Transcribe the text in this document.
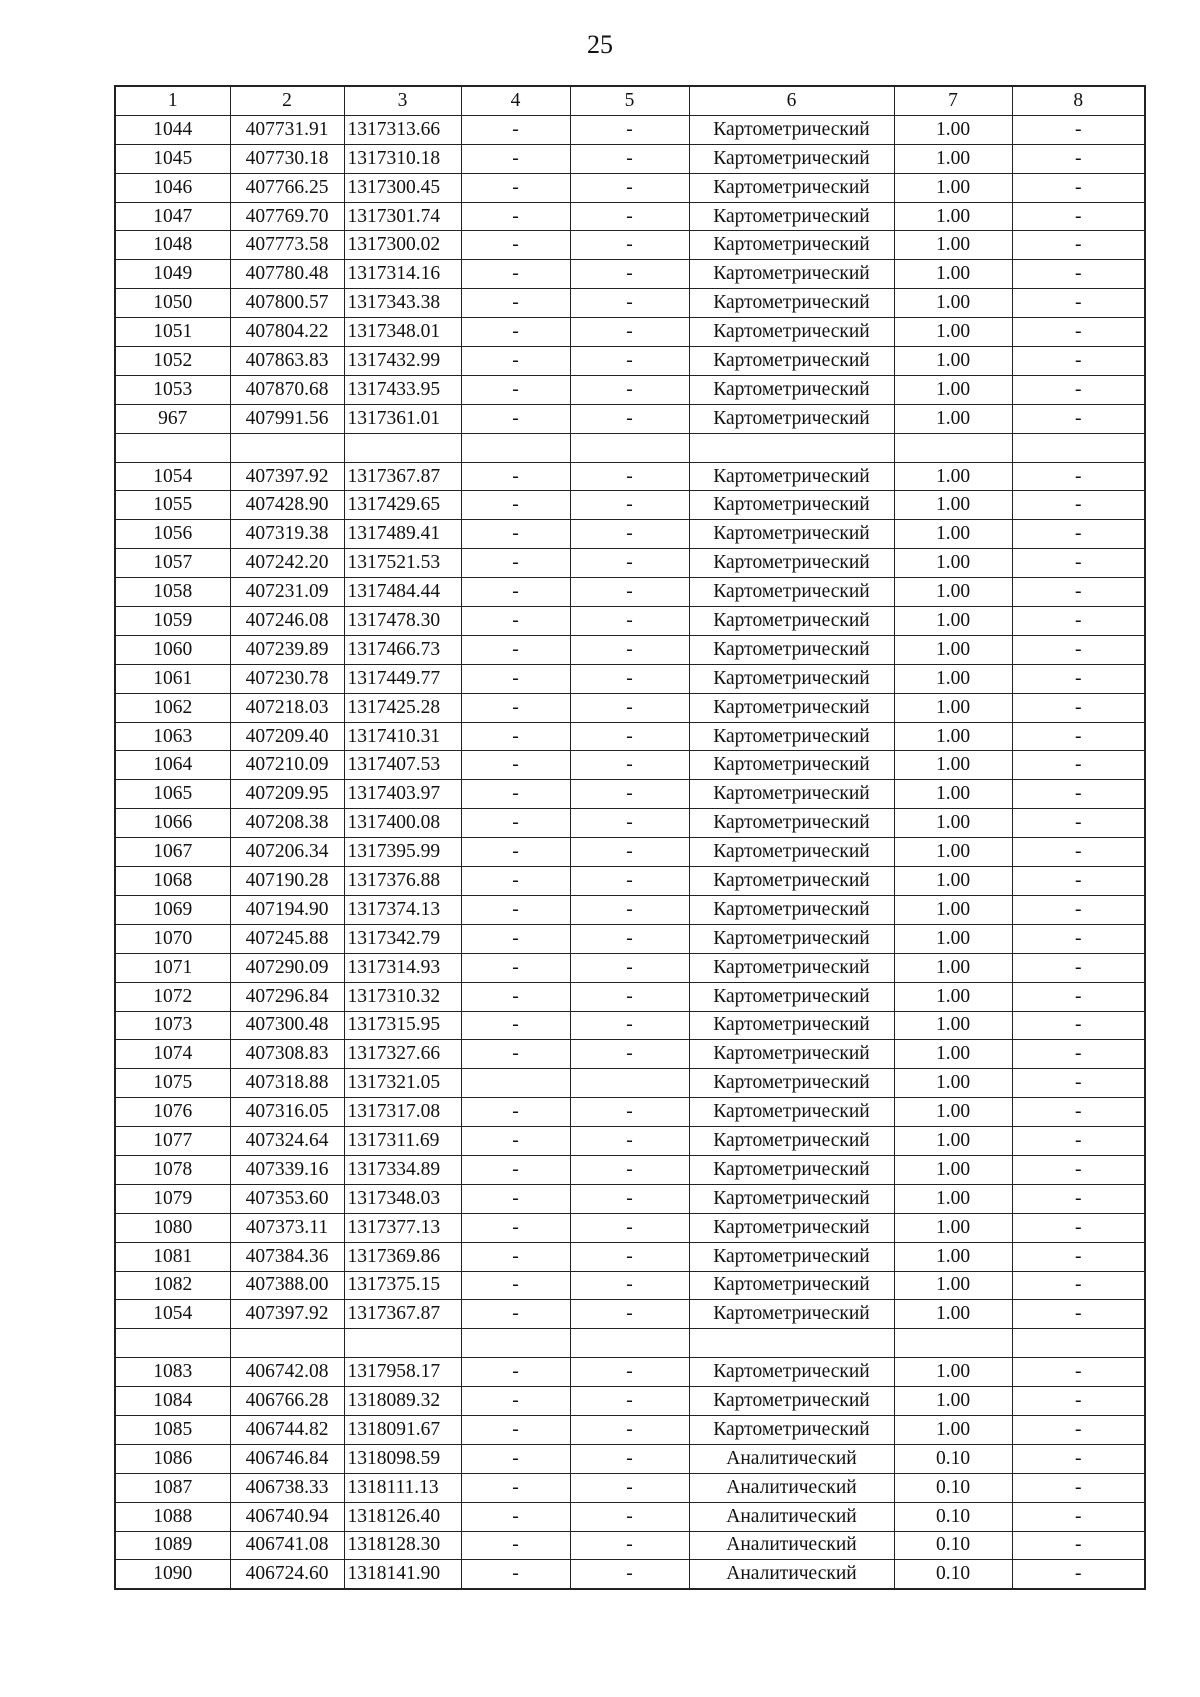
25
1	2	3	4	5	6	7	8
1044	407731.91	1317313.66	-	-	Картометрический	1.00	-
1045	407730.18	1317310.18	-	-	Картометрический	1.00	-
1046	407766.25	1317300.45	-	-	Картометрический	1.00	-
1047	407769.70	1317301.74	-	-	Картометрический	1.00	-
1048	407773.58	1317300.02	-	-	Картометрический	1.00	-
1049	407780.48	1317314.16	-	-	Картометрический	1.00	-
1050	407800.57	1317343.38	-	-	Картометрический	1.00	-
1051	407804.22	1317348.01	-	-	Картометрический	1.00	-
1052	407863.83	1317432.99	-	-	Картометрический	1.00	-
1053	407870.68	1317433.95	-	-	Картометрический	1.00	-
967	407991.56	1317361.01	-	-	Картометрический	1.00	-

1054	407397.92	1317367.87	-	-	Картометрический	1.00	-
1055	407428.90	1317429.65	-	-	Картометрический	1.00	-
1056	407319.38	1317489.41	-	-	Картометрический	1.00	-
1057	407242.20	1317521.53	-	-	Картометрический	1.00	-
1058	407231.09	1317484.44	-	-	Картометрический	1.00	-
1059	407246.08	1317478.30	-	-	Картометрический	1.00	-
1060	407239.89	1317466.73	-	-	Картометрический	1.00	-
1061	407230.78	1317449.77	-	-	Картометрический	1.00	-
1062	407218.03	1317425.28	-	-	Картометрический	1.00	-
1063	407209.40	1317410.31	-	-	Картометрический	1.00	-
1064	407210.09	1317407.53	-	-	Картометрический	1.00	-
1065	407209.95	1317403.97	-	-	Картометрический	1.00	-
1066	407208.38	1317400.08	-	-	Картометрический	1.00	-
1067	407206.34	1317395.99	-	-	Картометрический	1.00	-
1068	407190.28	1317376.88	-	-	Картометрический	1.00	-
1069	407194.90	1317374.13	-	-	Картометрический	1.00	-
1070	407245.88	1317342.79	-	-	Картометрический	1.00	-
1071	407290.09	1317314.93	-	-	Картометрический	1.00	-
1072	407296.84	1317310.32	-	-	Картометрический	1.00	-
1073	407300.48	1317315.95	-	-	Картометрический	1.00	-
1074	407308.83	1317327.66	-	-	Картометрический	1.00	-
1075	407318.88	1317321.05			Картометрический	1.00	-
1076	407316.05	1317317.08	-	-	Картометрический	1.00	-
1077	407324.64	1317311.69	-	-	Картометрический	1.00	-
1078	407339.16	1317334.89	-	-	Картометрический	1.00	-
1079	407353.60	1317348.03	-	-	Картометрический	1.00	-
1080	407373.11	1317377.13	-	-	Картометрический	1.00	-
1081	407384.36	1317369.86	-	-	Картометрический	1.00	-
1082	407388.00	1317375.15	-	-	Картометрический	1.00	-
1054	407397.92	1317367.87	-	-	Картометрический	1.00	-

1083	406742.08	1317958.17	-	-	Картометрический	1.00	-
1084	406766.28	1318089.32	-	-	Картометрический	1.00	-
1085	406744.82	1318091.67	-	-	Картометрический	1.00	-
1086	406746.84	1318098.59	-	-	Аналитический	0.10	-
1087	406738.33	1318111.13	-	-	Аналитический	0.10	-
1088	406740.94	1318126.40	-	-	Аналитический	0.10	-
1089	406741.08	1318128.30	-	-	Аналитический	0.10	-
1090	406724.60	1318141.90	-	-	Аналитический	0.10	-
